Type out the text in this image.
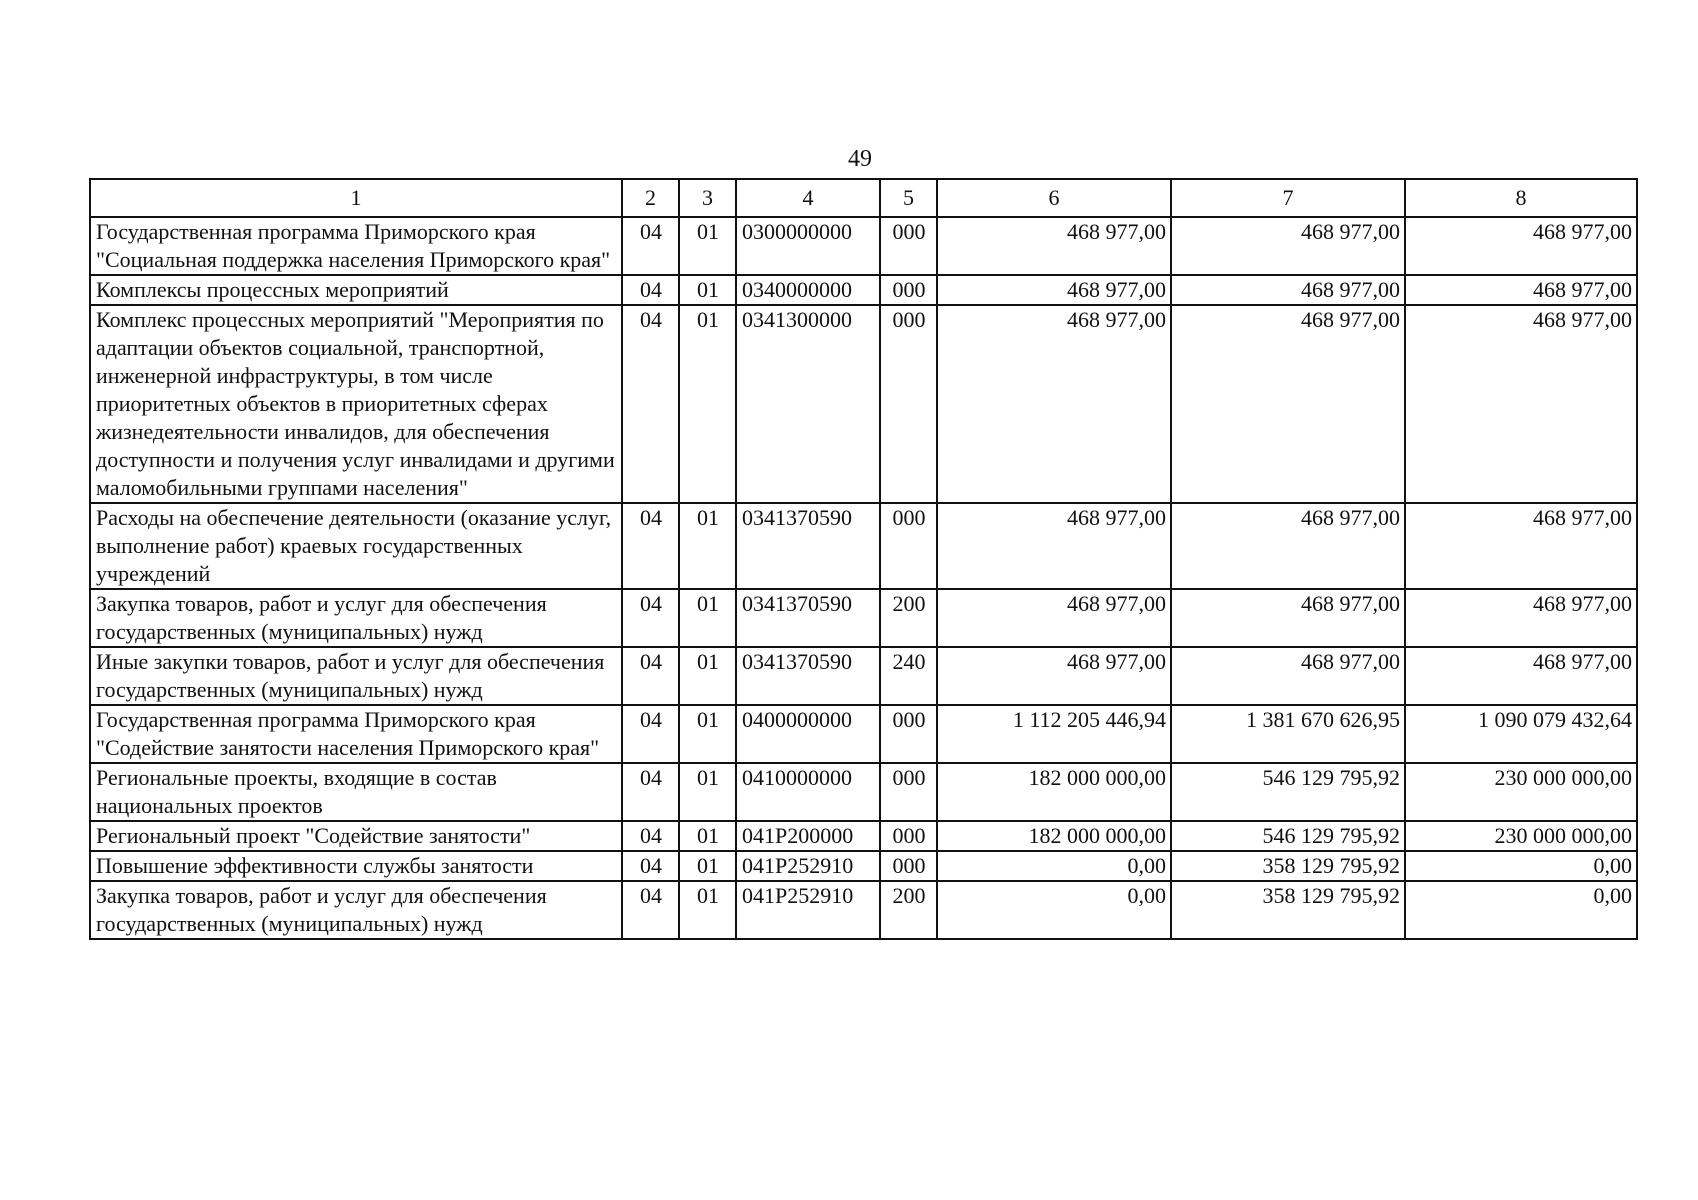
49
1	2	3	4	5	6	7	8
Государственная программа Приморского края "Социальная поддержка населения Приморского края"	04	01	0300000000	000	468 977,00	468 977,00	468 977,00
Комплексы процессных мероприятий	04	01	0340000000	000	468 977,00	468 977,00	468 977,00
Комплекс процессных мероприятий "Мероприятия по адаптации объектов социальной, транспортной, инженерной инфраструктуры, в том числе приоритетных объектов в приоритетных сферах жизнедеятельности инвалидов, для обеспечения доступности и получения услуг инвалидами и другими маломобильными группами населения"	04	01	0341300000	000	468 977,00	468 977,00	468 977,00
Расходы на обеспечение деятельности (оказание услуг, выполнение работ) краевых государственных учреждений	04	01	0341370590	000	468 977,00	468 977,00	468 977,00
Закупка товаров, работ и услуг для обеспечения государственных (муниципальных) нужд	04	01	0341370590	200	468 977,00	468 977,00	468 977,00
Иные закупки товаров, работ и услуг для обеспечения государственных (муниципальных) нужд	04	01	0341370590	240	468 977,00	468 977,00	468 977,00
Государственная программа Приморского края "Содействие занятости населения Приморского края"	04	01	0400000000	000	1 112 205 446,94	1 381 670 626,95	1 090 079 432,64
Региональные проекты, входящие в состав национальных проектов	04	01	0410000000	000	182 000 000,00	546 129 795,92	230 000 000,00
Региональный проект "Содействие занятости"	04	01	041P200000	000	182 000 000,00	546 129 795,92	230 000 000,00
Повышение эффективности службы занятости	04	01	041P252910	000	0,00	358 129 795,92	0,00
Закупка товаров, работ и услуг для обеспечения государственных (муниципальных) нужд	04	01	041P252910	200	0,00	358 129 795,92	0,00
